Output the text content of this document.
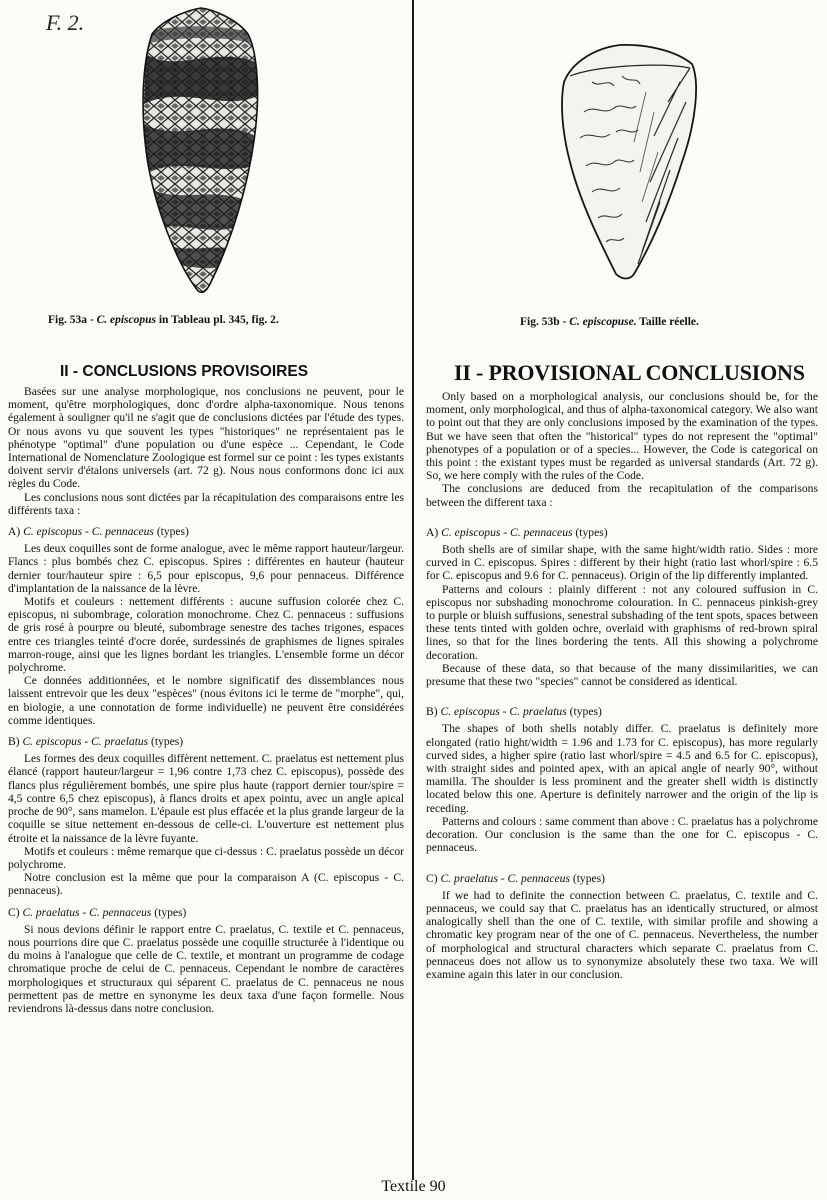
F. 2.
Fig. 53a - C. episcopus in Tableau pl. 345, fig. 2.
II - CONCLUSIONS PROVISOIRES

Basées sur une analyse morphologique, nos conclusions ne peuvent, pour le moment, qu'être morphologiques, donc d'ordre alpha-taxonomique. Nous tenons également à souligner qu'il ne s'agit que de conclusions dictées par l'étude des types. Or nous avons vu que souvent les types "historiques" ne représentaient pas le phénotype "optimal" d'une population ou d'une espèce ... Cependant, le Code International de Nomenclature Zoologique est formel sur ce point : les types existants doivent servir d'étalons universels (art. 72 g). Nous nous conformons donc ici aux règles du Code.

Les conclusions nous sont dictées par la récapitulation des comparaisons entre les différents taxa :

A) C. episcopus - C. pennaceus (types)

Les deux coquilles sont de forme analogue, avec le même rapport hauteur/largeur. Flancs : plus bombés chez C. episcopus. Spires : différentes en hauteur (hauteur dernier tour/hauteur spire : 6,5 pour episcopus, 9,6 pour pennaceus. Différence d'implantation de la naissance de la lèvre.

Motifs et couleurs : nettement différents : aucune suffusion colorée chez C. episcopus, ni subombrage, coloration monochrome. Chez C. pennaceus : suffusions de gris rosé à pourpre ou bleuté, subombrage senestre des taches trigones, espaces entre ces triangles teinté d'ocre dorée, surdessinés de graphismes de lignes spirales marron-rouge, ainsi que les lignes bordant les triangles. L'ensemble forme un décor polychrome.

Ce données additionnées, et le nombre significatif des dissemblances nous laissent entrevoir que les deux "espèces" (nous évitons ici le terme de "morphe", qui, en biologie, a une connotation de forme individuelle) ne peuvent être considérées comme identiques.

B) C. episcopus - C. praelatus (types)

Les formes des deux coquilles diffèrent nettement. C. praelatus est nettement plus élancé (rapport hauteur/largeur = 1,96 contre 1,73 chez C. episcopus), possède des flancs plus régulièrement bombés, une spire plus haute (rapport dernier tour/spire = 4,5 contre 6,5 chez episcopus), à flancs droits et apex pointu, avec un angle apical proche de 90°, sans mamelon. L'épaule est plus effacée et la plus grande largeur de la coquille se situe nettement en-dessous de celle-ci. L'ouverture est nettement plus étroite et la naissance de la lèvre fuyante.

Motifs et couleurs : même remarque que ci-dessus : C. praelatus possède un décor polychrome.

Notre conclusion est la même que pour la comparaison A (C. episcopus - C. pennaceus).

C) C. praelatus - C. pennaceus (types)

Si nous devions définir le rapport entre C. praelatus, C. textile et C. pennaceus, nous pourrions dire que C. praelatus possède une coquille structurée à l'identique ou du moins à l'analogue que celle de C. textile, et montrant un programme de codage chromatique proche de celui de C. pennaceus. Cependant le nombre de caractères morphologiques et structuraux qui séparent C. praelatus de C. pennaceus ne nous permettent pas de mettre en synonyme les deux taxa d'une façon formelle. Nous reviendrons là-dessus dans notre conclusion.

Fig. 53b - C. episcopuse. Taille réelle.
II - PROVISIONAL CONCLUSIONS

Only based on a morphological analysis, our conclusions should be, for the moment, only morphological, and thus of alpha-taxonomical category. We also want to point out that they are only conclusions imposed by the examination of the types. But we have seen that often the "historical" types do not represent the "optimal" phenotypes of a population or of a species... However, the Code is categorical on this point : the existant types must be regarded as universal standards (Art. 72 g). So, we here comply with the rules of the Code.

The conclusions are deduced from the recapitulation of the comparisons between the different taxa :

A) C. episcopus - C. pennaceus (types)

Both shells are of similar shape, with the same hight/width ratio. Sides : more curved in C. episcopus. Spires : different by their hight (ratio last whorl/spire : 6.5 for C. episcopus and 9.6 for C. pennaceus). Origin of the lip differently implanted.

Patterns and colours : plainly different : not any coloured suffusion in C. episcopus nor subshading monochrome colouration. In C. pennaceus pinkish-grey to purple or bluish suffusions, senestral subshading of the tent spots, spaces between these tents tinted with golden ochre, overlaid with graphisms of red-brown spiral lines, so that for the lines bordering the tents. All this showing a polychrome decoration.

Because of these data, so that because of the many dissimilarities, we can presume that these two "species" cannot be considered as identical.

B) C. episcopus - C. praelatus (types)

The shapes of both shells notably differ. C. praelatus is definitely more elongated (ratio hight/width = 1.96 and 1.73 for C. episcopus), has more regularly curved sides, a higher spire (ratio last whorl/spire = 4.5 and 6.5 for C. episcopus), with straight sides and pointed apex, with an apical angle of nearly 90°, without mamilla. The shoulder is less prominent and the greater shell width is distinctly located below this one. Aperture is definitely narrower and the origin of the lip is receding.

Patterns and colours : same comment than above : C. praelatus has a polychrome decoration. Our conclusion is the same than the one for C. episcopus - C. pennaceus.

C) C. praelatus - C. pennaceus (types)

If we had to definite the connection between C. praelatus, C. textile and C. pennaceus, we could say that C. praelatus has an identically structured, or almost analogically shell than the one of C. textile, with similar profile and showing a chromatic key program near of the one of C. pennaceus. Nevertheless, the number of morphological and structural characters which separate C. praelatus from C. pennaceus does not allow us to synonymize absolutely these two taxa. We will examine again this later in our conclusion.

Textile 90
